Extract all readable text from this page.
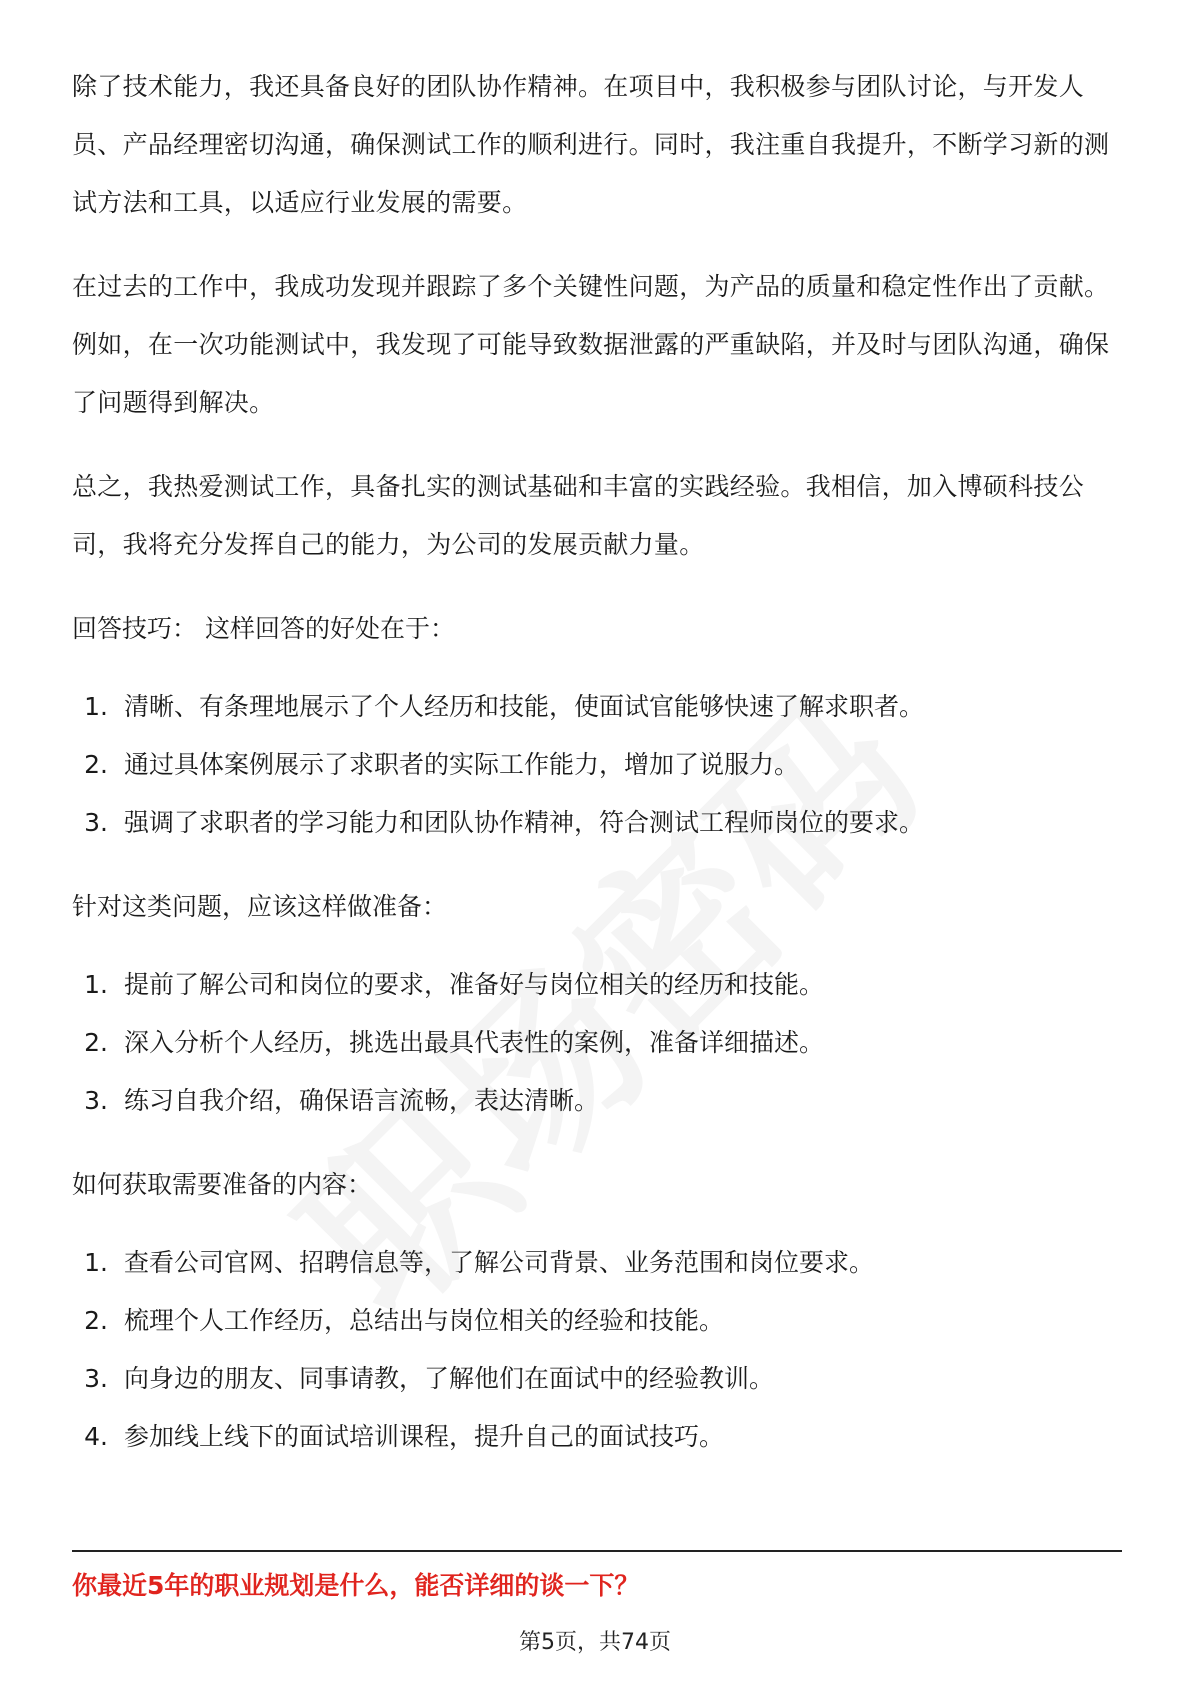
除了技术能力，我还具备良好的团队协作精神。在项目中，我积极参与团队讨论，与开发人员、产品经理密切沟通，确保测试工作的顺利进行。同时，我注重自我提升，不断学习新的测试方法和工具，以适应行业发展的需要。

在过去的工作中，我成功发现并跟踪了多个关键性问题，为产品的质量和稳定性作出了贡献。例如，在一次功能测试中，我发现了可能导致数据泄露的严重缺陷，并及时与团队沟通，确保了问题得到解决。

总之，我热爱测试工作，具备扎实的测试基础和丰富的实践经验。我相信，加入博硕科技公司，我将充分发挥自己的能力，为公司的发展贡献力量。

回答技巧： 这样回答的好处在于：

1. 清晰、有条理地展示了个人经历和技能，使面试官能够快速了解求职者。
2. 通过具体案例展示了求职者的实际工作能力，增加了说服力。
3. 强调了求职者的学习能力和团队协作精神，符合测试工程师岗位的要求。

针对这类问题，应该这样做准备：

1. 提前了解公司和岗位的要求，准备好与岗位相关的经历和技能。
2. 深入分析个人经历，挑选出最具代表性的案例，准备详细描述。
3. 练习自我介绍，确保语言流畅，表达清晰。

如何获取需要准备的内容：

1. 查看公司官网、招聘信息等，了解公司背景、业务范围和岗位要求。
2. 梳理个人工作经历，总结出与岗位相关的经验和技能。
3. 向身边的朋友、同事请教，了解他们在面试中的经验教训。
4. 参加线上线下的面试培训课程，提升自己的面试技巧。
你最近5年的职业规划是什么，能否详细的谈一下？
第5页，共74页
